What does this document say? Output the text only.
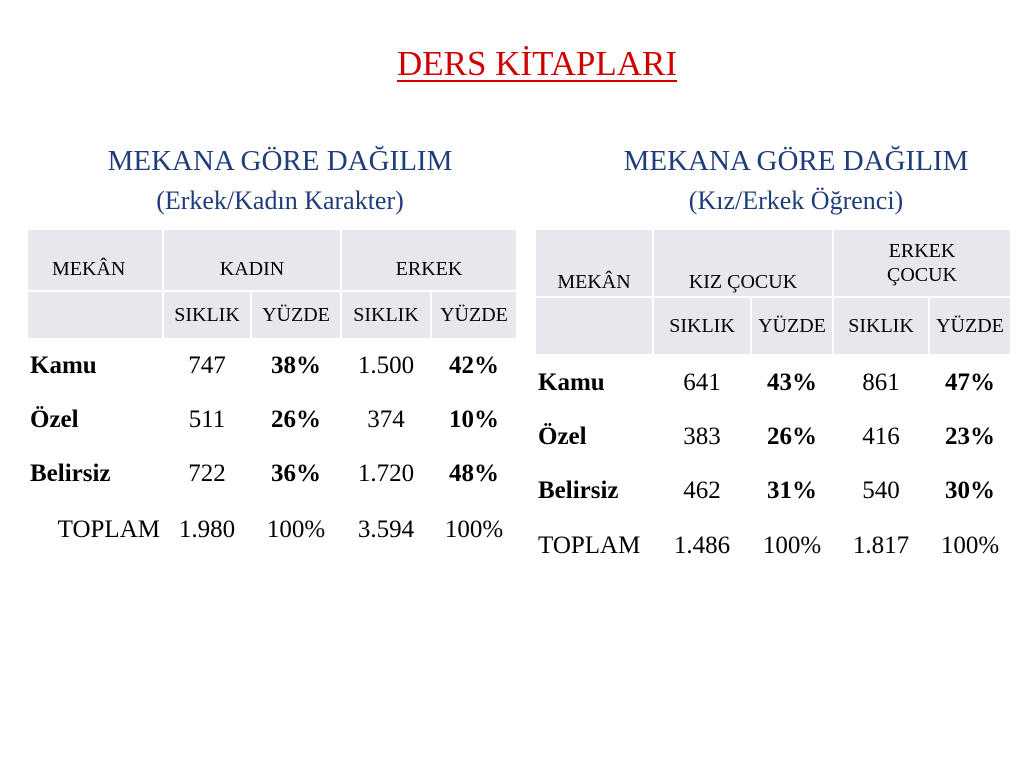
DERS KİTAPLARI
MEKANA GÖRE DAĞILIM
(Erkek/Kadın Karakter)
MEKÂN	KADIN		ERKEK	
	SIKLIK	YÜZDE	SIKLIK	YÜZDE
Kamu	747	38%	1.500	42%
Özel	511	26%	374	10%
Belirsiz	722	36%	1.720	48%
TOPLAM	1.980	100%	3.594	100%
MEKANA GÖRE DAĞILIM
(Kız/Erkek Öğrenci)
MEKÂN	KIZ ÇOCUK		ERKEK
ÇOCUK	

	SIKLIK	YÜZDE	SIKLIK	YÜZDE
Kamu	641	43%	861	47%
Özel	383	26%	416	23%
Belirsiz	462	31%	540	30%
TOPLAM	1.486	100%	1.817	100%
